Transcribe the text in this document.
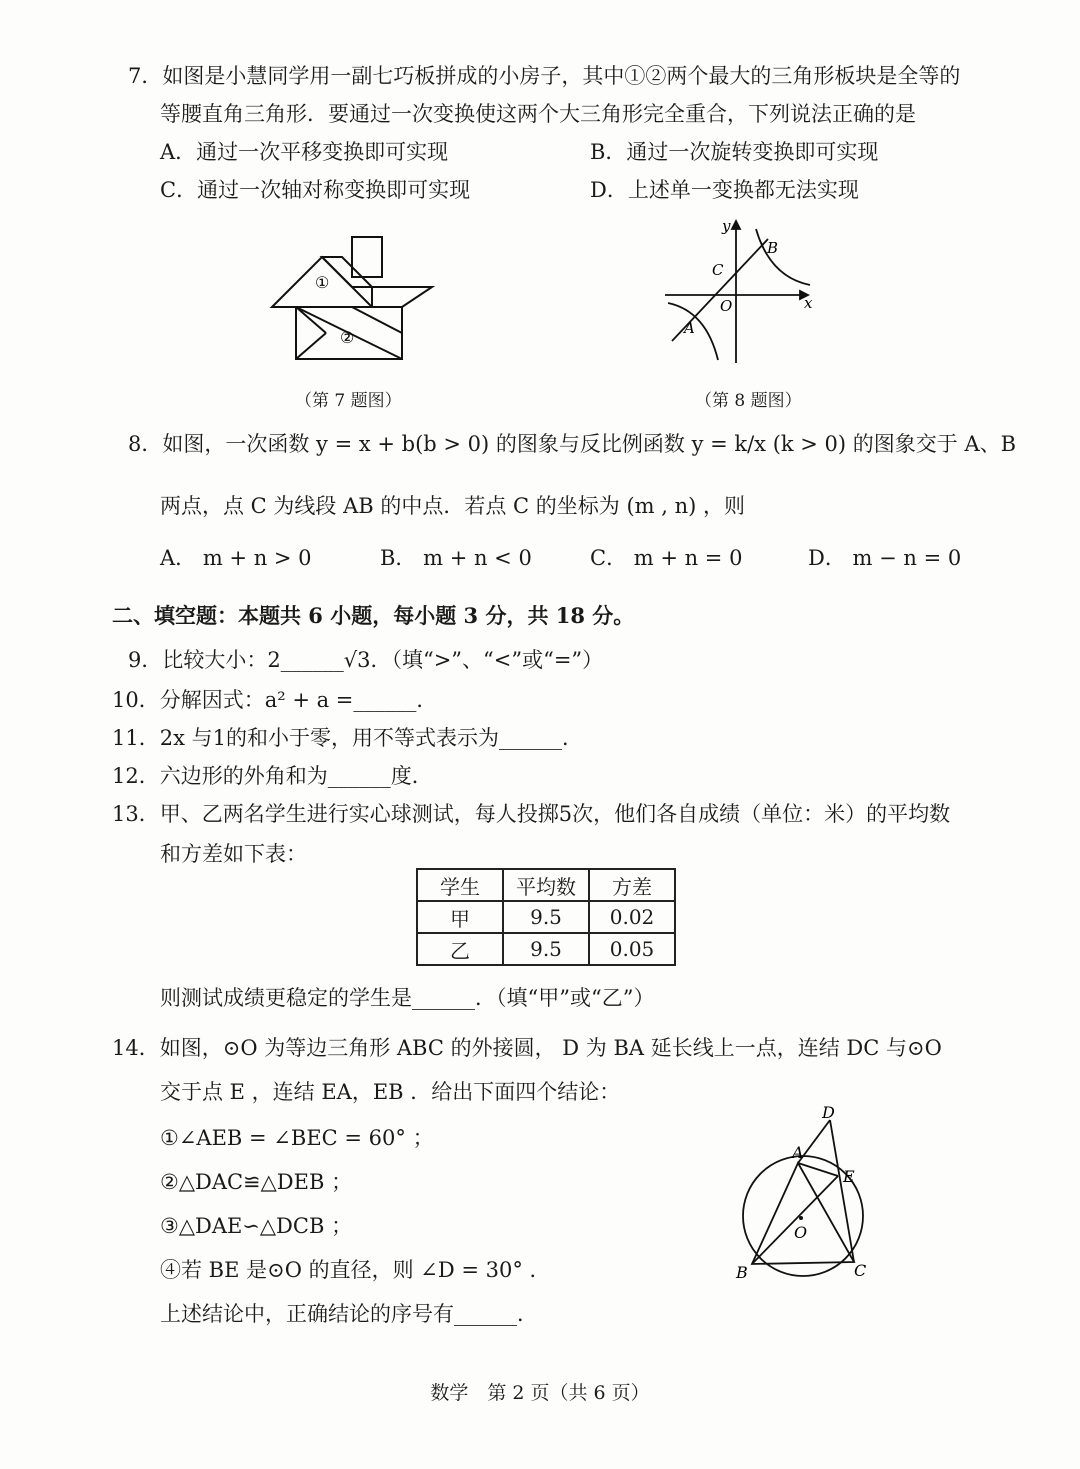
7．如图是小慧同学用一副七巧板拼成的小房子，其中①②两个最大的三角形板块是全等的
等腰直角三角形．要通过一次变换使这两个大三角形完全重合，下列说法正确的是
A．通过一次平移变换即可实现	B．通过一次旋转变换即可实现
C．通过一次轴对称变换即可实现	D．上述单一变换都无法实现
①
②
（第 7 题图）
y
x
O
A
B
C
（第 8 题图）
8．如图，一次函数 y = x + b(b > 0) 的图象与反比例函数 y = k/x (k > 0) 的图象交于 A、B
两点，点 C 为线段 AB 的中点．若点 C 的坐标为 (m , n) ，则
A． m + n > 0	B． m + n < 0	C． m + n = 0	D． m − n = 0
二、填空题：本题共 6 小题，每小题 3 分，共 18 分。
9．比较大小：2______√3．（填“>”、“<”或“=”）
10．分解因式：a² + a =______．
11．2x 与1的和小于零，用不等式表示为______．
12．六边形的外角和为______度．
13．甲、乙两名学生进行实心球测试，每人投掷5次，他们各自成绩（单位：米）的平均数
和方差如下表：
学生	平均数	方差
甲	9.5	0.02
乙	9.5	0.05
则测试成绩更稳定的学生是______．（填“甲”或“乙”）
14．如图，⊙O 为等边三角形 ABC 的外接圆， D 为 BA 延长线上一点，连结 DC 与⊙O
交于点 E ，连结 EA，EB ．给出下面四个结论：
①∠AEB = ∠BEC = 60° ；
②△DAC≌△DEB ；
③△DAE∽△DCB ；
④若 BE 是⊙O 的直径，则 ∠D = 30° ．
上述结论中，正确结论的序号有______．
A
B	C
D
E
O
数学　第 2 页（共 6 页）
